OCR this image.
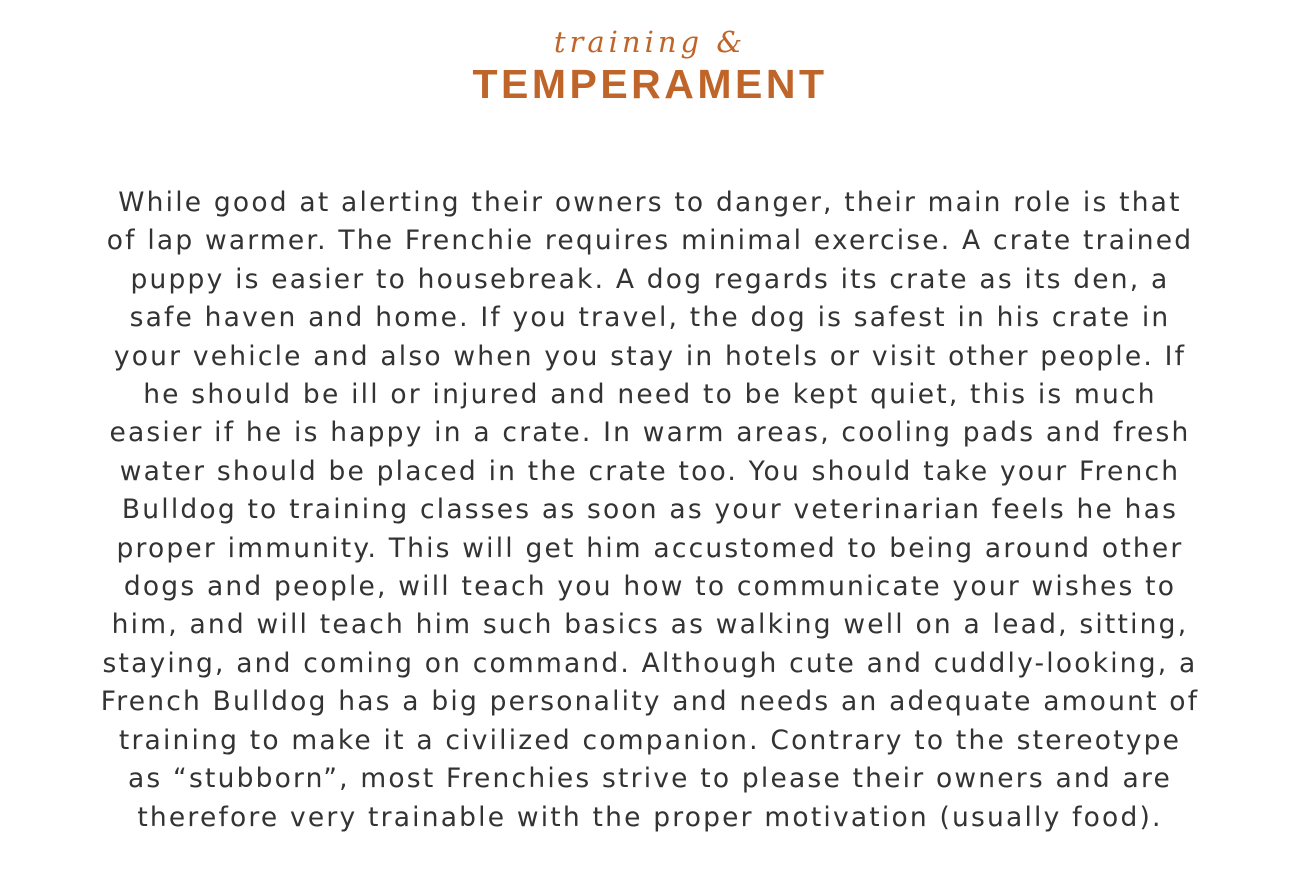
training &
TEMPERAMENT

While good at alerting their owners to danger, their main role is that
of lap warmer. The Frenchie requires minimal exercise. A crate trained
puppy is easier to housebreak. A dog regards its crate as its den, a
safe haven and home. If you travel, the dog is safest in his crate in
your vehicle and also when you stay in hotels or visit other people. If
he should be ill or injured and need to be kept quiet, this is much
easier if he is happy in a crate. In warm areas, cooling pads and fresh
water should be placed in the crate too. You should take your French
Bulldog to training classes as soon as your veterinarian feels he has
proper immunity. This will get him accustomed to being around other
dogs and people, will teach you how to communicate your wishes to
him, and will teach him such basics as walking well on a lead, sitting,
staying, and coming on command. Although cute and cuddly-looking, a
French Bulldog has a big personality and needs an adequate amount of
training to make it a civilized companion. Contrary to the stereotype
as “stubborn”, most Frenchies strive to please their owners and are
therefore very trainable with the proper motivation (usually food).
